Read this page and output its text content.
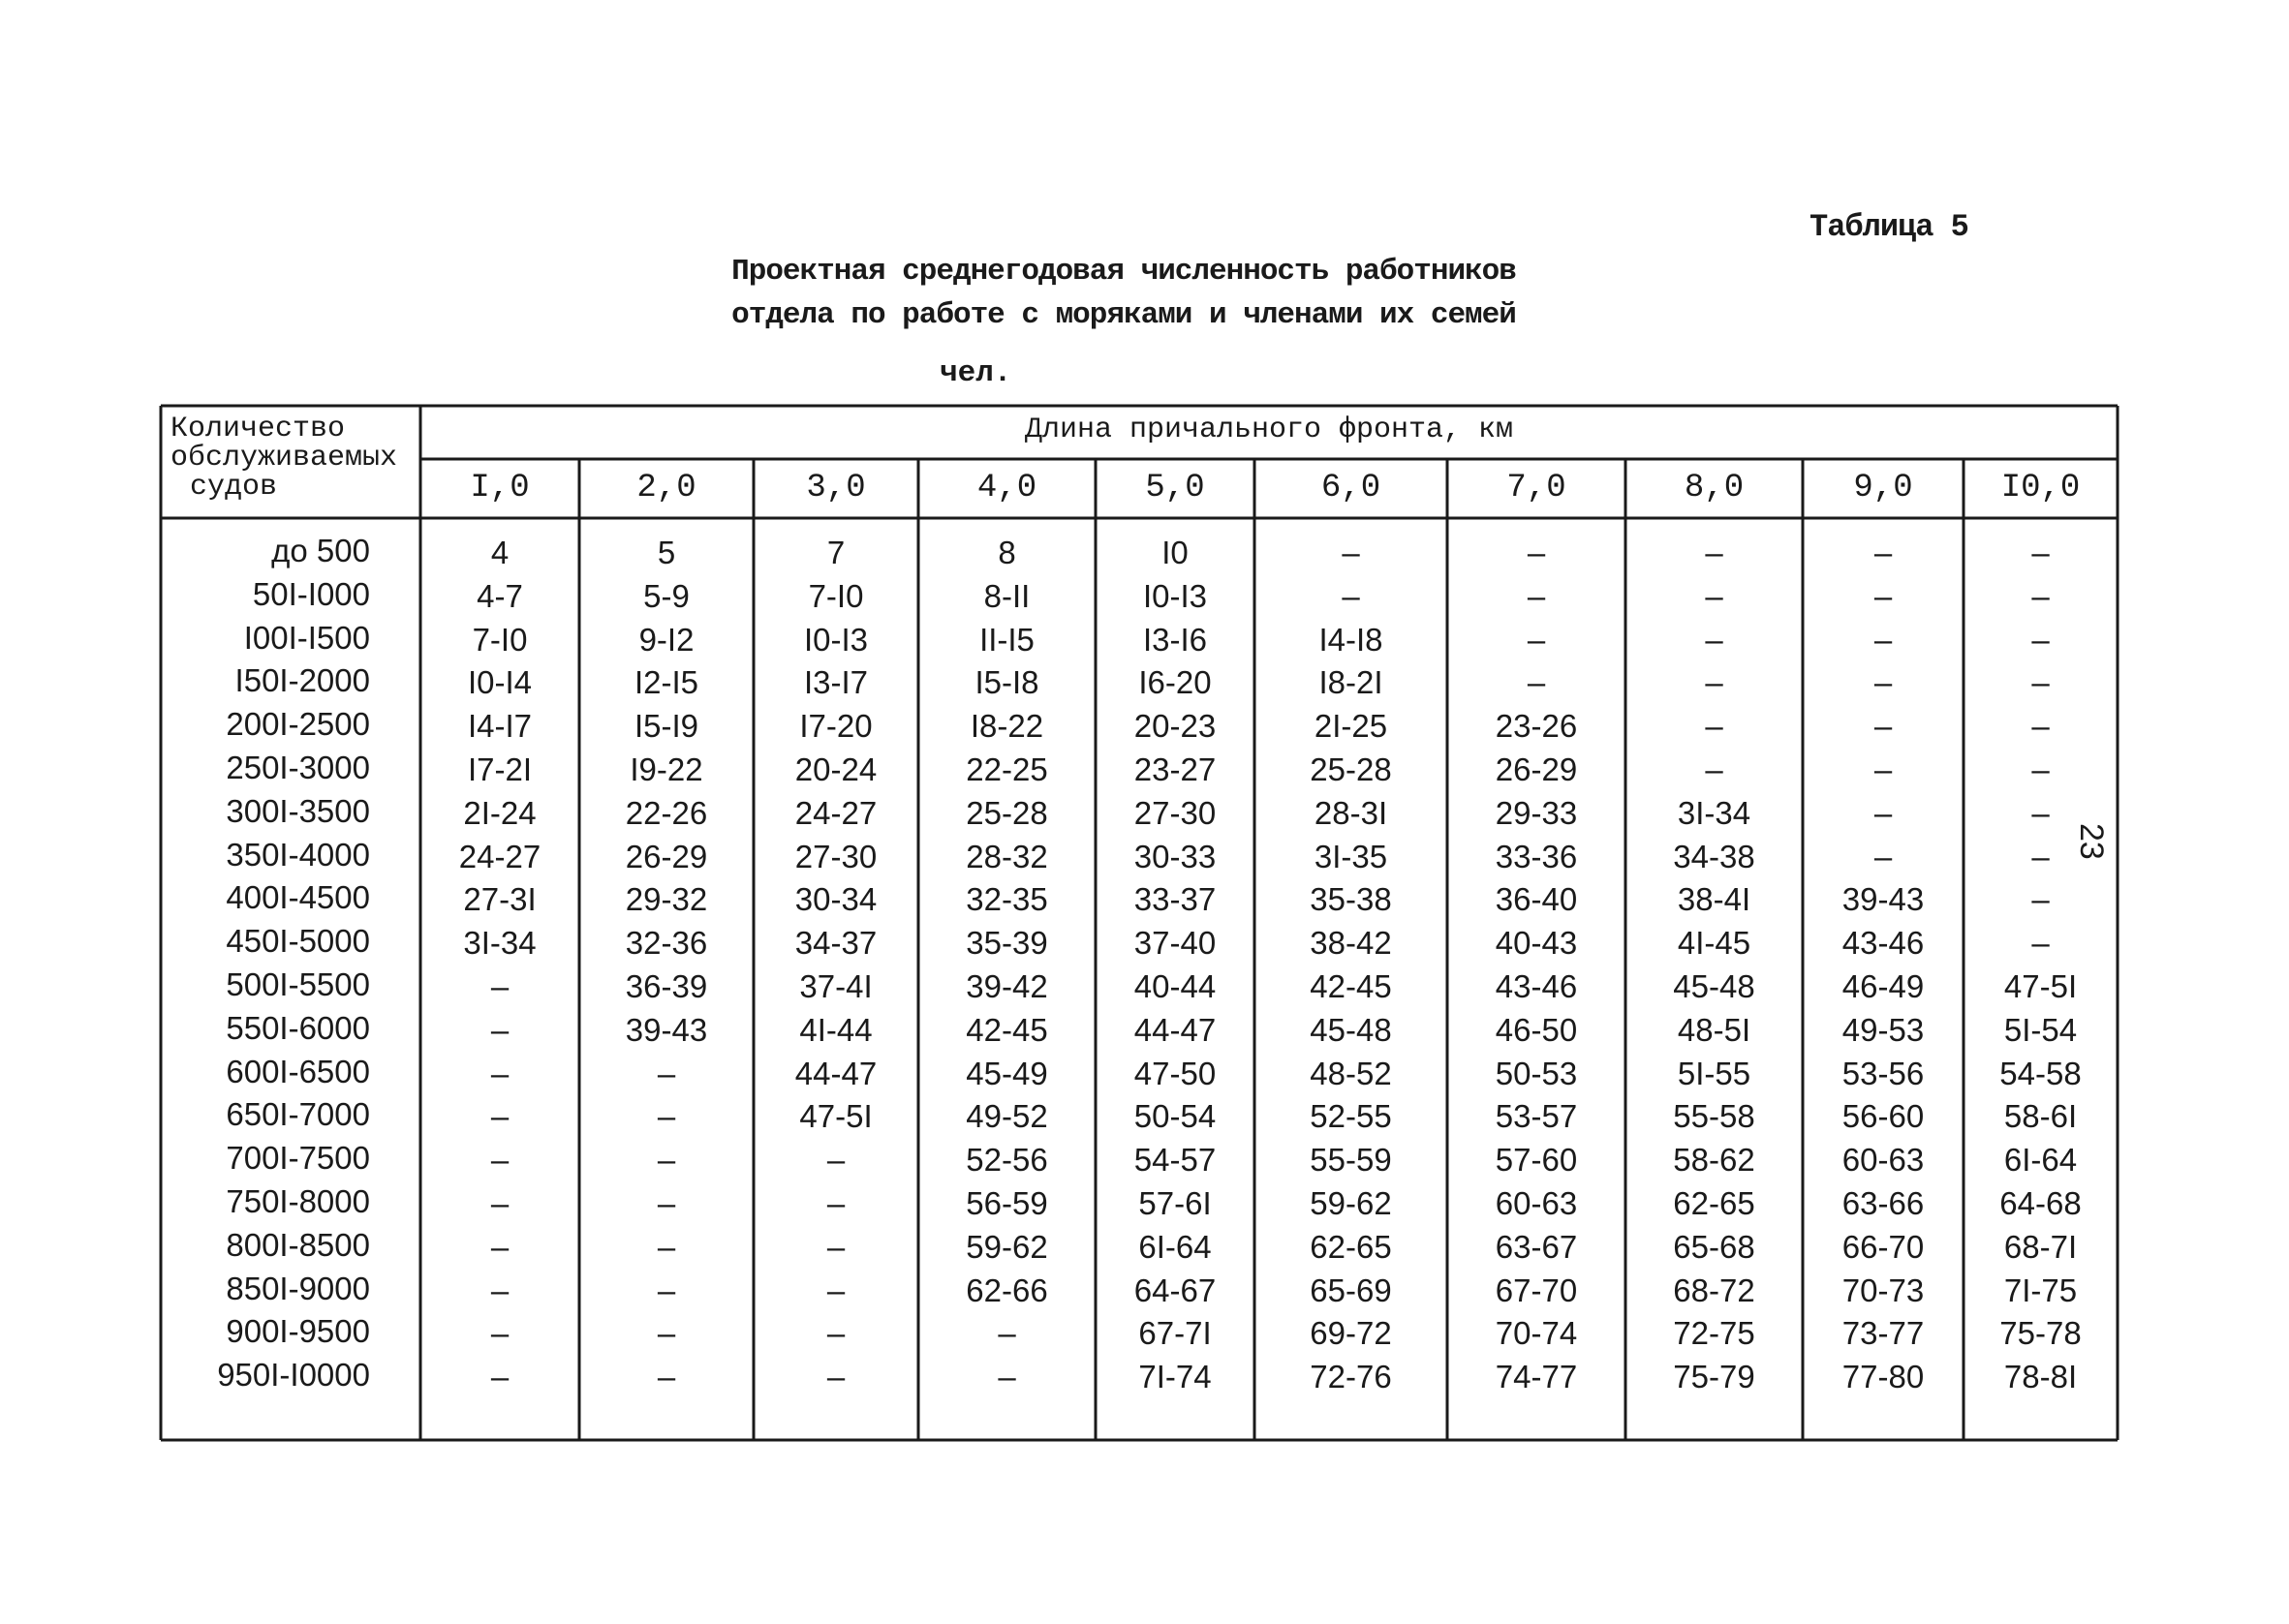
Таблица 5
Проектная среднегодовая численность работников
отдела по работе с моряками и членами их семей
чел.
23
Количество
обслуживаемых
судов
Длина причального фронта, км
I,0	2,0	3,0	4,0	5,0	6,0	7,0	8,0	9,0	I0,0
до 500	4	5	7	8	I0	–	–	–	–	–
50I-I000	4-7	5-9	7-I0	8-II	I0-I3	–	–	–	–	–
I00I-I500	7-I0	9-I2	I0-I3	II-I5	I3-I6	I4-I8	–	–	–	–
I50I-2000	I0-I4	I2-I5	I3-I7	I5-I8	I6-20	I8-2I	–	–	–	–
200I-2500	I4-I7	I5-I9	I7-20	I8-22	20-23	2I-25	23-26	–	–	–
250I-3000	I7-2I	I9-22	20-24	22-25	23-27	25-28	26-29	–	–	–
300I-3500	2I-24	22-26	24-27	25-28	27-30	28-3I	29-33	3I-34	–	–
350I-4000	24-27	26-29	27-30	28-32	30-33	3I-35	33-36	34-38	–	–
400I-4500	27-3I	29-32	30-34	32-35	33-37	35-38	36-40	38-4I	39-43	–
450I-5000	3I-34	32-36	34-37	35-39	37-40	38-42	40-43	4I-45	43-46	–
500I-5500	–	36-39	37-4I	39-42	40-44	42-45	43-46	45-48	46-49	47-5I
550I-6000	–	39-43	4I-44	42-45	44-47	45-48	46-50	48-5I	49-53	5I-54
600I-6500	–	–	44-47	45-49	47-50	48-52	50-53	5I-55	53-56	54-58
650I-7000	–	–	47-5I	49-52	50-54	52-55	53-57	55-58	56-60	58-6I
700I-7500	–	–	–	52-56	54-57	55-59	57-60	58-62	60-63	6I-64
750I-8000	–	–	–	56-59	57-6I	59-62	60-63	62-65	63-66	64-68
800I-8500	–	–	–	59-62	6I-64	62-65	63-67	65-68	66-70	68-7I
850I-9000	–	–	–	62-66	64-67	65-69	67-70	68-72	70-73	7I-75
900I-9500	–	–	–	–	67-7I	69-72	70-74	72-75	73-77	75-78
950I-I0000	–	–	–	–	7I-74	72-76	74-77	75-79	77-80	78-8I
